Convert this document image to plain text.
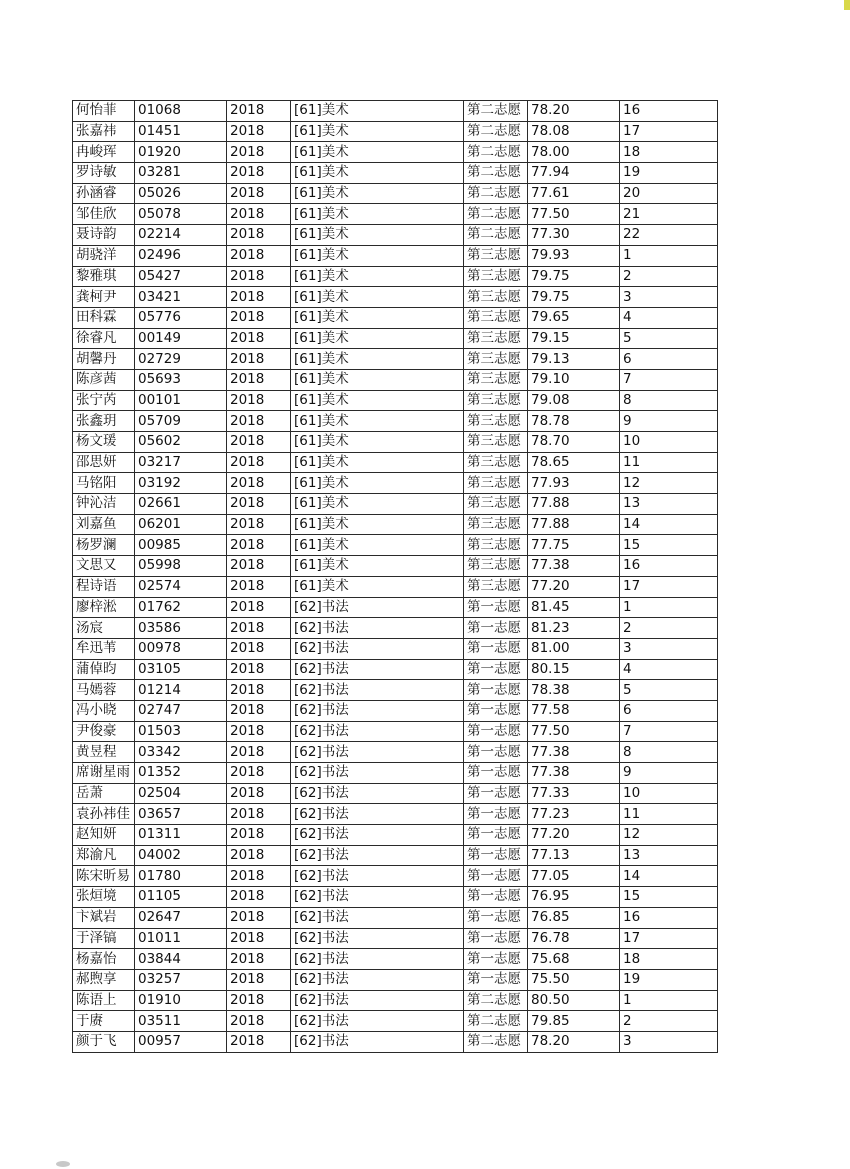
何怡菲	01068	2018	[61]美术	第二志愿	78.20	16
张嘉祎	01451	2018	[61]美术	第二志愿	78.08	17
冉峻珲	01920	2018	[61]美术	第二志愿	78.00	18
罗诗敏	03281	2018	[61]美术	第二志愿	77.94	19
孙涵睿	05026	2018	[61]美术	第二志愿	77.61	20
邹佳欣	05078	2018	[61]美术	第二志愿	77.50	21
聂诗韵	02214	2018	[61]美术	第二志愿	77.30	22
胡骁洋	02496	2018	[61]美术	第三志愿	79.93	1
黎雅琪	05427	2018	[61]美术	第三志愿	79.75	2
龚柯尹	03421	2018	[61]美术	第三志愿	79.75	3
田科霖	05776	2018	[61]美术	第三志愿	79.65	4
徐睿凡	00149	2018	[61]美术	第三志愿	79.15	5
胡馨丹	02729	2018	[61]美术	第三志愿	79.13	6
陈彦茜	05693	2018	[61]美术	第三志愿	79.10	7
张宁芮	00101	2018	[61]美术	第三志愿	79.08	8
张鑫玥	05709	2018	[61]美术	第三志愿	78.78	9
杨文瑗	05602	2018	[61]美术	第三志愿	78.70	10
邵思妍	03217	2018	[61]美术	第三志愿	78.65	11
马铭阳	03192	2018	[61]美术	第三志愿	77.93	12
钟沁洁	02661	2018	[61]美术	第三志愿	77.88	13
刘嘉鱼	06201	2018	[61]美术	第三志愿	77.88	14
杨罗澜	00985	2018	[61]美术	第三志愿	77.75	15
文思又	05998	2018	[61]美术	第三志愿	77.38	16
程诗语	02574	2018	[61]美术	第三志愿	77.20	17
廖梓淞	01762	2018	[62]书法	第一志愿	81.45	1
汤宸	03586	2018	[62]书法	第一志愿	81.23	2
牟迅苇	00978	2018	[62]书法	第一志愿	81.00	3
蒲倬昀	03105	2018	[62]书法	第一志愿	80.15	4
马嫣蓉	01214	2018	[62]书法	第一志愿	78.38	5
冯小晓	02747	2018	[62]书法	第一志愿	77.58	6
尹俊豪	01503	2018	[62]书法	第一志愿	77.50	7
黄昱程	03342	2018	[62]书法	第一志愿	77.38	8
席谢星雨	01352	2018	[62]书法	第一志愿	77.38	9
岳萧	02504	2018	[62]书法	第一志愿	77.33	10
袁孙祎佳	03657	2018	[62]书法	第一志愿	77.23	11
赵知妍	01311	2018	[62]书法	第一志愿	77.20	12
郑渝凡	04002	2018	[62]书法	第一志愿	77.13	13
陈宋昕易	01780	2018	[62]书法	第一志愿	77.05	14
张烜境	01105	2018	[62]书法	第一志愿	76.95	15
卞斌岩	02647	2018	[62]书法	第一志愿	76.85	16
于泽镐	01011	2018	[62]书法	第一志愿	76.78	17
杨嘉怡	03844	2018	[62]书法	第一志愿	75.68	18
郝煦享	03257	2018	[62]书法	第一志愿	75.50	19
陈语上	01910	2018	[62]书法	第二志愿	80.50	1
于赓	03511	2018	[62]书法	第二志愿	79.85	2
颜于飞	00957	2018	[62]书法	第二志愿	78.20	3
